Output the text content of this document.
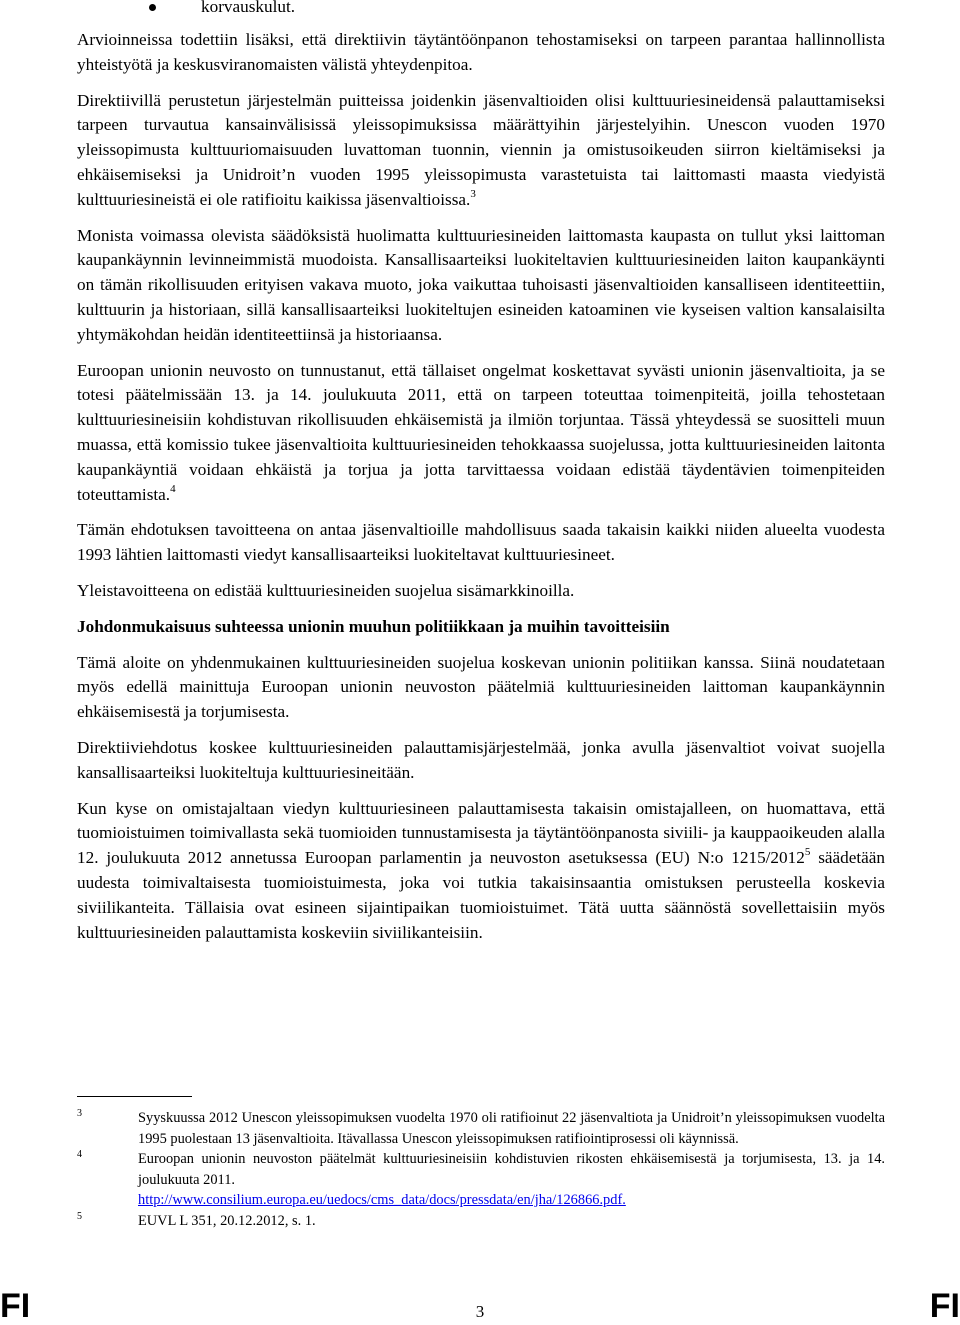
korvauskulut.

Arvioinneissa todettiin lisäksi, että direktiivin täytäntöönpanon tehostamiseksi on tarpeen parantaa hallinnollista yhteistyötä ja keskusviranomaisten välistä yhteydenpitoa.

Direktiivillä perustetun järjestelmän puitteissa joidenkin jäsenvaltioiden olisi kulttuuriesineidensä palauttamiseksi tarpeen turvautua kansainvälisissä yleissopimuksissa määrättyihin järjestelyihin. Unescon vuoden 1970 yleissopimusta kulttuuriomaisuuden luvattoman tuonnin, viennin ja omistusoikeuden siirron kieltämiseksi ja ehkäisemiseksi ja Unidroit’n vuoden 1995 yleissopimusta varastetuista tai laittomasti maasta viedyistä kulttuuriesineistä ei ole ratifioitu kaikissa jäsenvaltioissa.$^3$

Monista voimassa olevista säädöksistä huolimatta kulttuuriesineiden laittomasta kaupasta on tullut yksi laittoman kaupankäynnin levinneimmistä muodoista. Kansallisaarteiksi luokiteltavien kulttuuriesineiden laiton kaupankäynti on tämän rikollisuuden erityisen vakava muoto, joka vaikuttaa tuhoisasti jäsenvaltioiden kansalliseen identiteettiin, kulttuurin ja historiaan, sillä kansallisaarteiksi luokiteltujen esineiden katoaminen vie kyseisen valtion kansalaisilta yhtymäkohdan heidän identiteettiinsä ja historiaansa.

Euroopan unionin neuvosto on tunnustanut, että tällaiset ongelmat koskettavat syvästi unionin jäsenvaltioita, ja se totesi päätelmissään 13. ja 14. joulukuuta 2011, että on tarpeen toteuttaa toimenpiteitä, joilla tehostetaan kulttuuriesineisiin kohdistuvan rikollisuuden ehkäisemistä ja ilmiön torjuntaa. Tässä yhteydessä se suositteli muun muassa, että komissio tukee jäsenvaltioita kulttuuriesineiden tehokkaassa suojelussa, jotta kulttuuriesineiden laitonta kaupankäyntiä voidaan ehkäistä ja torjua ja jotta tarvittaessa voidaan edistää täydentävien toimenpiteiden toteuttamista.$^4$

Tämän ehdotuksen tavoitteena on antaa jäsenvaltioille mahdollisuus saada takaisin kaikki niiden alueelta vuodesta 1993 lähtien laittomasti viedyt kansallisaarteiksi luokiteltavat kulttuuriesineet.

Yleistavoitteena on edistää kulttuuriesineiden suojelua sisämarkkinoilla.

Johdonmukaisuus suhteessa unionin muuhun politiikkaan ja muihin tavoitteisiin

Tämä aloite on yhdenmukainen kulttuuriesineiden suojelua koskevan unionin politiikan kanssa. Siinä noudatetaan myös edellä mainittuja Euroopan unionin neuvoston päätelmiä kulttuuriesineiden laittoman kaupankäynnin ehkäisemisestä ja torjumisesta.

Direktiiviehdotus koskee kulttuuriesineiden palauttamisjärjestelmää, jonka avulla jäsenvaltiot voivat suojella kansallisaarteiksi luokiteltuja kulttuuriesineitään.

Kun kyse on omistajaltaan viedyn kulttuuriesineen palauttamisesta takaisin omistajalleen, on huomattava, että tuomioistuimen toimivallasta sekä tuomioiden tunnustamisesta ja täytäntöönpanosta siviili- ja kauppaoikeuden alalla 12. joulukuuta 2012 annetussa Euroopan parlamentin ja neuvoston asetuksessa (EU) N:o 1215/2012$^5$ säädetään uudesta toimivaltaisesta tuomioistuimesta, joka voi tutkia takaisinsaantia omistuksen perusteella koskevia siviilikanteita. Tällaisia ovat esineen sijaintipaikan tuomioistuimet. Tätä uutta säännöstä sovellettaisiin myös kulttuuriesineiden palauttamista koskeviin siviilikanteisiin.

3	Syyskuussa 2012 Unescon yleissopimuksen vuodelta 1970 oli ratifioinut 22 jäsenvaltiota ja Unidroit’n yleissopimuksen vuodelta 1995 puolestaan 13 jäsenvaltioita. Itävallassa Unescon yleissopimuksen ratifiointiprosessi oli käynnissä.
4	Euroopan unionin neuvoston päätelmät kulttuuriesineisiin kohdistuvien rikosten ehkäisemisestä ja torjumisesta, 13. ja 14. joulukuuta 2011.
http://www.consilium.europa.eu/uedocs/cms_data/docs/pressdata/en/jha/126866.pdf.
5	EUVL L 351, 20.12.2012, s. 1.
FI	3	FI
